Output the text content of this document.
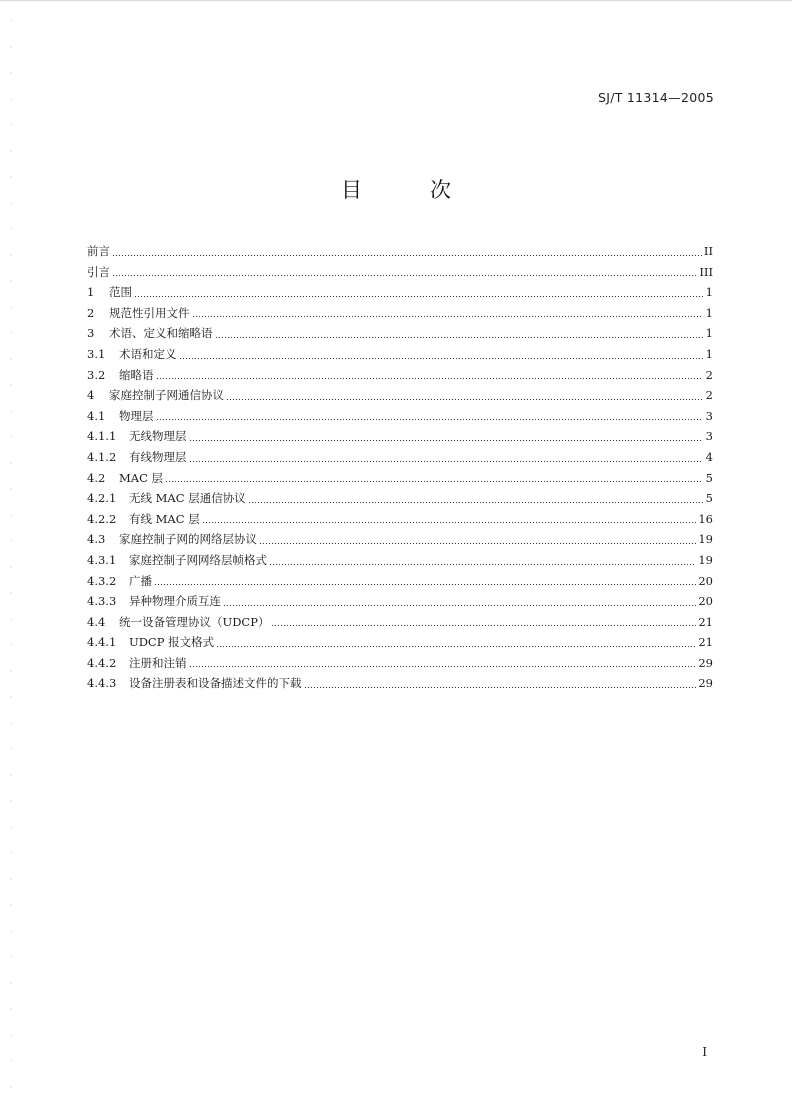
SJ/T 11314—2005
目	次
前言	II
引言	III
1	范围	1
2	规范性引用文件	1
3	术语、定义和缩略语	1
3.1	术语和定义	1
3.2	缩略语	2
4	家庭控制子网通信协议	2
4.1	物理层	3
4.1.1	无线物理层	3
4.1.2	有线物理层	4
4.2	MAC 层	5
4.2.1	无线 MAC 层通信协议	5
4.2.2	有线 MAC 层	16
4.3	家庭控制子网的网络层协议	19
4.3.1	家庭控制子网网络层帧格式	19
4.3.2	广播	20
4.3.3	异种物理介质互连	20
4.4	统一设备管理协议（UDCP）	21
4.4.1	UDCP 报文格式	21
4.4.2	注册和注销	29
4.4.3	设备注册表和设备描述文件的下载	29
I
